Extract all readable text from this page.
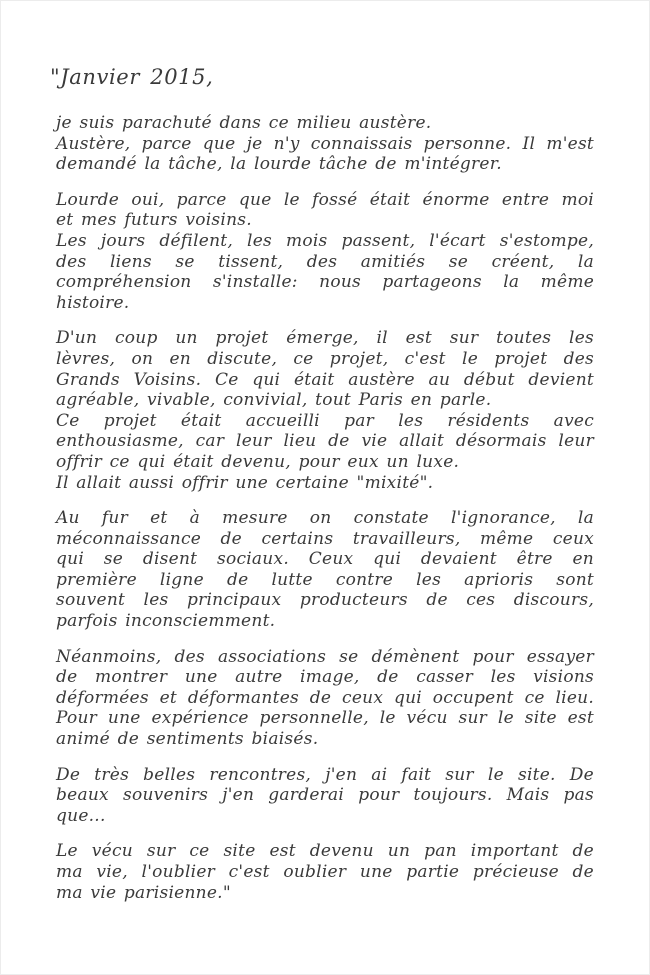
"Janvier 2015,
je suis parachuté dans ce milieu austère.
Austère, parce que je n'y connaissais personne. Il m'est
demandé la tâche, la lourde tâche de m'intégrer.
Lourde oui, parce que le fossé était énorme entre moi
et mes futurs voisins.
Les jours défilent, les mois passent, l'écart s'estompe,
des liens se tissent, des amitiés se créent, la
compréhension s'installe: nous partageons la même
histoire.
D'un coup un projet émerge, il est sur toutes les
lèvres, on en discute, ce projet, c'est le projet des
Grands Voisins. Ce qui était austère au début devient
agréable, vivable, convivial, tout Paris en parle.
Ce projet était accueilli par les résidents avec
enthousiasme, car leur lieu de vie allait désormais leur
offrir ce qui était devenu, pour eux un luxe.
Il allait aussi offrir une certaine "mixité".
Au fur et à mesure on constate l'ignorance, la
méconnaissance de certains travailleurs, même ceux
qui se disent sociaux. Ceux qui devaient être en
première ligne de lutte contre les aprioris sont
souvent les principaux producteurs de ces discours,
parfois inconsciemment.
Néanmoins, des associations se démènent pour essayer
de montrer une autre image, de casser les visions
déformées et déformantes de ceux qui occupent ce lieu.
Pour une expérience personnelle, le vécu sur le site est
animé de sentiments biaisés.
De très belles rencontres, j'en ai fait sur le site. De
beaux souvenirs j'en garderai pour toujours. Mais pas
que...
Le vécu sur ce site est devenu un pan important de
ma vie, l'oublier c'est oublier une partie précieuse de
ma vie parisienne."
